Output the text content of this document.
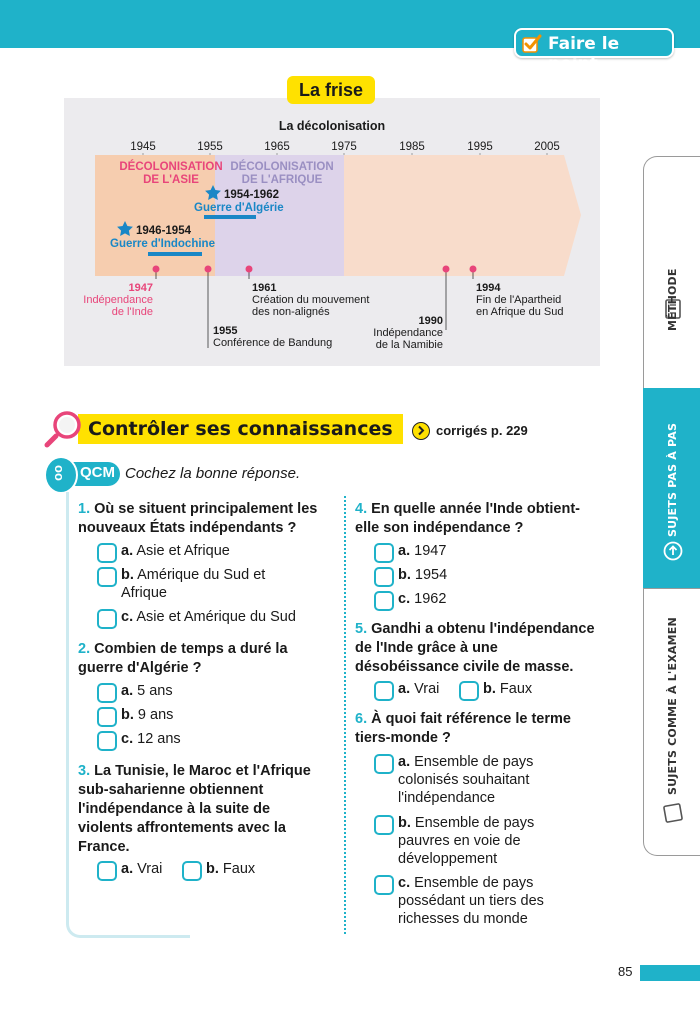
Faire le point
La décolonisation
1945	1955	1965	1975	1985	1995	2005
DÉCOLONISATION
DE L'ASIE
DÉCOLONISATION
DE L'AFRIQUE
1954-1962
Guerre d'Algérie
1946-1954
Guerre d'Indochine
1947
Indépendance
de l'Inde
1955
Conférence de Bandung
1961
Création du mouvement
des non-alignés
1990
Indépendance
de la Namibie
1994
Fin de l'Apartheid
en Afrique du Sud
La frise
MÉTHODE
SUJETS PAS À PAS
SUJETS COMME À L'EXAMEN
Contrôler ses connaissances	corrigés p. 229
oo QCM Cochez la bonne réponse.
1. Où se situent principalement les
nouveaux États indépendants ?
a. Asie et Afrique
b. Amérique du Sud et
Afrique
c. Asie et Amérique du Sud
2. Combien de temps a duré la
guerre d'Algérie ?
a. 5 ans
b. 9 ans
c. 12 ans
3. La Tunisie, le Maroc et l'Afrique
sub-saharienne obtiennent
l'indépendance à la suite de
violents affrontements avec la
France.
a. Vrai	b. Faux
4. En quelle année l'Inde obtient-
elle son indépendance ?
a. 1947
b. 1954
c. 1962
5. Gandhi a obtenu l'indépendance
de l'Inde grâce à une
désobéissance civile de masse.
a. Vrai	b. Faux
6. À quoi fait référence le terme
tiers-monde ?
a. Ensemble de pays
colonisés souhaitant
l'indépendance
b. Ensemble de pays
pauvres en voie de
développement
c. Ensemble de pays
possédant un tiers des
richesses du monde
85
